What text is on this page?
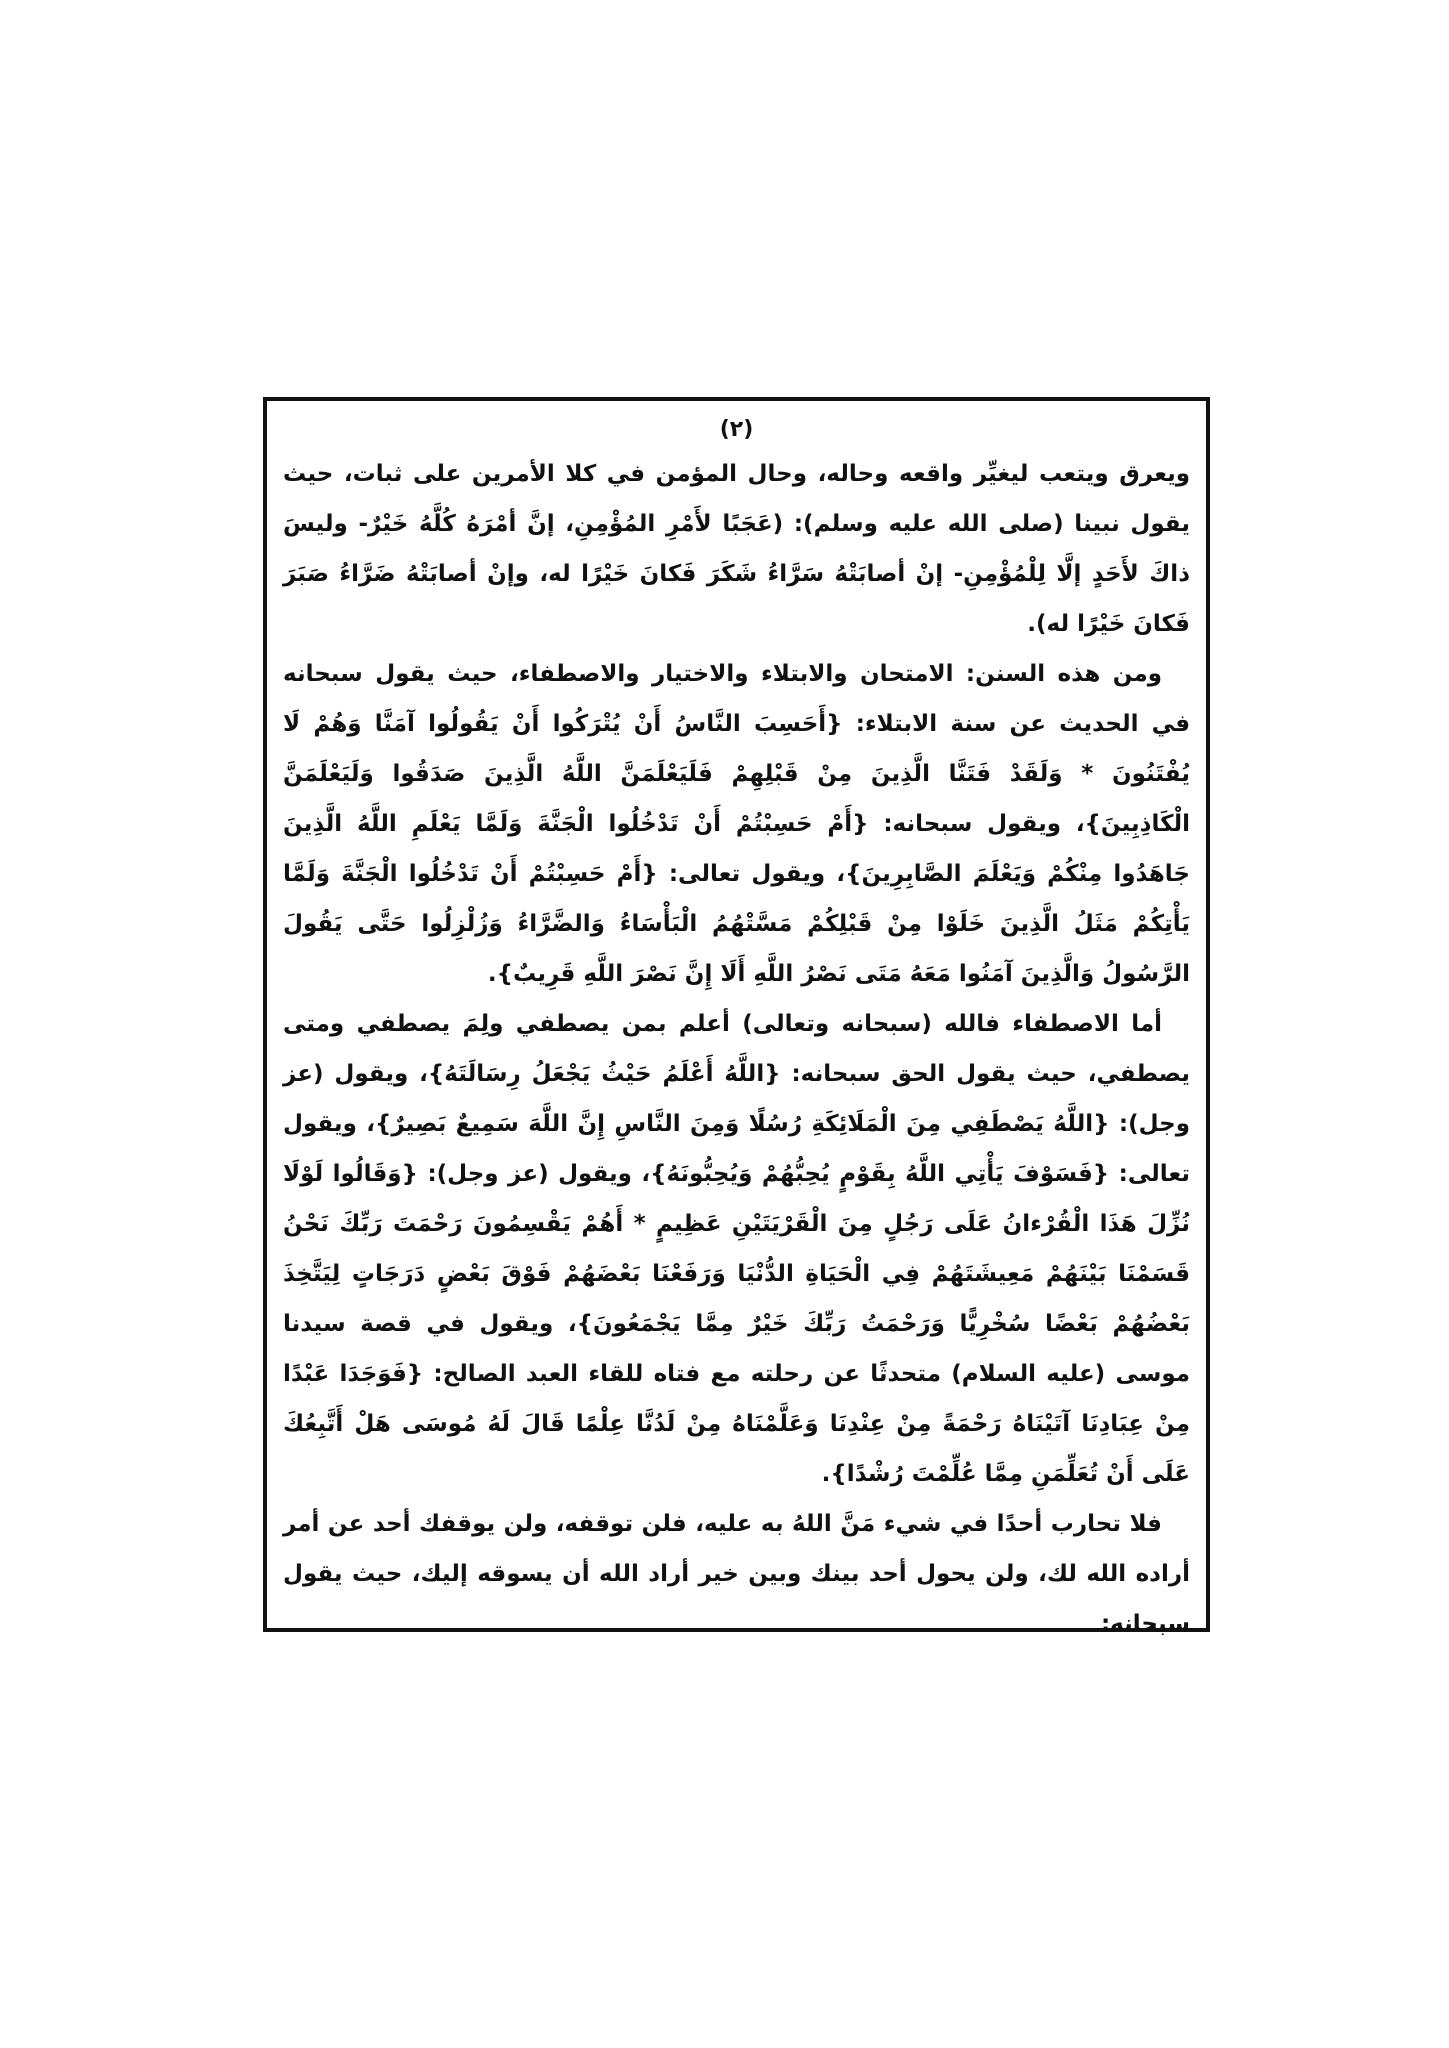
(٢)

ويعرق ويتعب ليغيِّر واقعه وحاله، وحال المؤمن في كلا الأمرين على ثبات، حيث يقول نبينا (صلى الله عليه وسلم): (عَجَبًا لأَمْرِ المُؤْمِنِ، إنَّ أمْرَهُ كُلَّهُ خَيْرٌ- وليسَ ذاكَ لأَحَدٍ إلَّا لِلْمُؤْمِنِ- إنْ أصابَتْهُ سَرَّاءُ شَكَرَ فَكانَ خَيْرًا له، وإنْ أصابَتْهُ ضَرَّاءُ صَبَرَ فَكانَ خَيْرًا له).

ومن هذه السنن: الامتحان والابتلاء والاختيار والاصطفاء، حيث يقول سبحانه في الحديث عن سنة الابتلاء: {أَحَسِبَ النَّاسُ أَنْ يُتْرَكُوا أَنْ يَقُولُوا آمَنَّا وَهُمْ لَا يُفْتَنُونَ * وَلَقَدْ فَتَنَّا الَّذِينَ مِنْ قَبْلِهِمْ فَلَيَعْلَمَنَّ اللَّهُ الَّذِينَ صَدَقُوا وَلَيَعْلَمَنَّ الْكَاذِبِينَ}، ويقول سبحانه: {أَمْ حَسِبْتُمْ أَنْ تَدْخُلُوا الْجَنَّةَ وَلَمَّا يَعْلَمِ اللَّهُ الَّذِينَ جَاهَدُوا مِنْكُمْ وَيَعْلَمَ الصَّابِرِينَ}، ويقول تعالى: {أَمْ حَسِبْتُمْ أَنْ تَدْخُلُوا الْجَنَّةَ وَلَمَّا يَأْتِكُمْ مَثَلُ الَّذِينَ خَلَوْا مِنْ قَبْلِكُمْ مَسَّتْهُمُ الْبَأْسَاءُ وَالضَّرَّاءُ وَزُلْزِلُوا حَتَّى يَقُولَ الرَّسُولُ وَالَّذِينَ آمَنُوا مَعَهُ مَتَى نَصْرُ اللَّهِ أَلَا إِنَّ نَصْرَ اللَّهِ قَرِيبٌ}.

أما الاصطفاء فالله (سبحانه وتعالى) أعلم بمن يصطفي ولِمَ يصطفي ومتى يصطفي، حيث يقول الحق سبحانه: {اللَّهُ أَعْلَمُ حَيْثُ يَجْعَلُ رِسَالَتَهُ}، ويقول (عز وجل): {اللَّهُ يَصْطَفِي مِنَ الْمَلَائِكَةِ رُسُلًا وَمِنَ النَّاسِ إِنَّ اللَّهَ سَمِيعٌ بَصِيرٌ}، ويقول تعالى: {فَسَوْفَ يَأْتِي اللَّهُ بِقَوْمٍ يُحِبُّهُمْ وَيُحِبُّونَهُ}، ويقول (عز وجل): {وَقَالُوا لَوْلَا نُزِّلَ هَذَا الْقُرْءانُ عَلَى رَجُلٍ مِنَ الْقَرْيَتَيْنِ عَظِيمٍ * أَهُمْ يَقْسِمُونَ رَحْمَتَ رَبِّكَ نَحْنُ قَسَمْنَا بَيْنَهُمْ مَعِيشَتَهُمْ فِي الْحَيَاةِ الدُّنْيَا وَرَفَعْنَا بَعْضَهُمْ فَوْقَ بَعْضٍ دَرَجَاتٍ لِيَتَّخِذَ بَعْضُهُمْ بَعْضًا سُخْرِيًّا وَرَحْمَتُ رَبِّكَ خَيْرٌ مِمَّا يَجْمَعُونَ}، ويقول في قصة سيدنا موسى (عليه السلام) متحدثًا عن رحلته مع فتاه للقاء العبد الصالح: {فَوَجَدَا عَبْدًا مِنْ عِبَادِنَا آتَيْنَاهُ رَحْمَةً مِنْ عِنْدِنَا وَعَلَّمْنَاهُ مِنْ لَدُنَّا عِلْمًا قَالَ لَهُ مُوسَى هَلْ أَتَّبِعُكَ عَلَى أَنْ تُعَلِّمَنِ مِمَّا عُلِّمْتَ رُشْدًا}.

فلا تحارب أحدًا في شيء مَنَّ اللهُ به عليه، فلن توقفه، ولن يوقفك أحد عن أمر أراده الله لك، ولن يحول أحد بينك وبين خير أراد الله أن يسوقه إليك، حيث يقول سبحانه:
